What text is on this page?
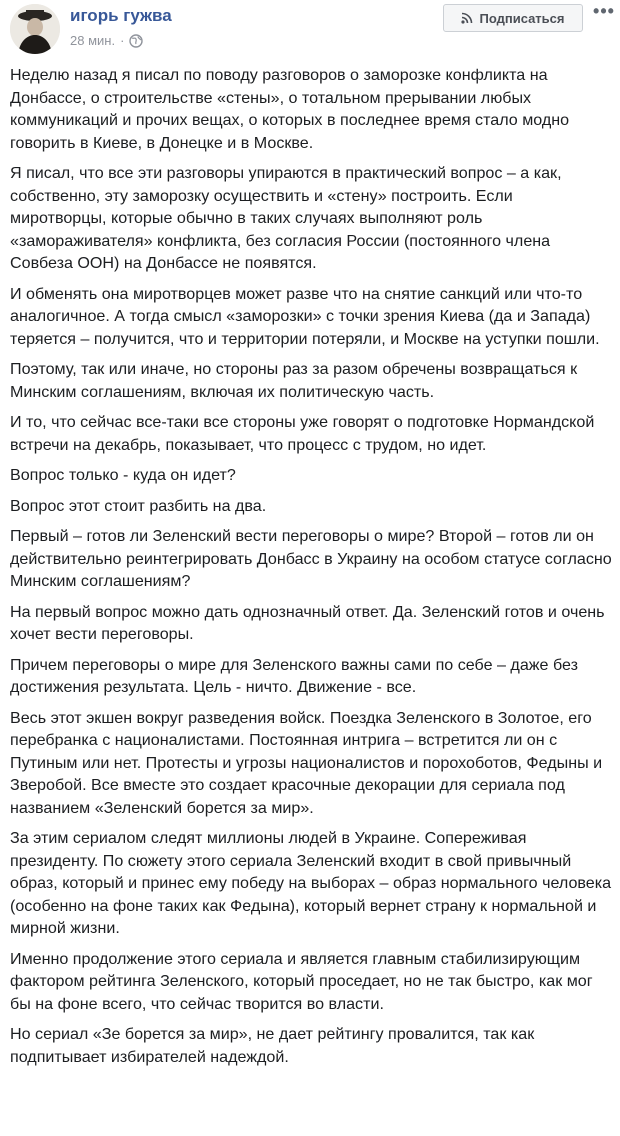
игорь гужва
28 мин. ·
Подписаться •••

Неделю назад я писал по поводу разговоров о заморозке конфликта на Донбассе, о строительстве «стены», о тотальном прерывании любых коммуникаций и прочих вещах, о которых в последнее время стало модно говорить в Киеве, в Донецке и в Москве.

Я писал, что все эти разговоры упираются в практический вопрос – а как, собственно, эту заморозку осуществить и «стену» построить. Если миротворцы, которые обычно в таких случаях выполняют роль «замораживателя» конфликта, без согласия России (постоянного члена Совбеза ООН) на Донбассе не появятся.

И обменять она миротворцев может разве что на снятие санкций или что-то аналогичное. А тогда смысл «заморозки» с точки зрения Киева (да и Запада) теряется – получится, что и территории потеряли, и Москве на уступки пошли.

Поэтому, так или иначе, но стороны раз за разом обречены возвращаться к Минским соглашениям, включая их политическую часть.

И то, что сейчас все-таки все стороны уже говорят о подготовке Нормандской встречи на декабрь, показывает, что процесс с трудом, но идет.

Вопрос только - куда он идет?

Вопрос этот стоит разбить на два.

Первый – готов ли Зеленский вести переговоры о мире? Второй – готов ли он действительно реинтегрировать Донбасс в Украину на особом статусе согласно Минским соглашениям?

На первый вопрос можно дать однозначный ответ. Да. Зеленский готов и очень хочет вести переговоры.

Причем переговоры о мире для Зеленского важны сами по себе – даже без достижения результата. Цель - ничто. Движение - все.

Весь этот экшен вокруг разведения войск. Поездка Зеленского в Золотое, его перебранка с националистами. Постоянная интрига – встретится ли он с Путиным или нет. Протесты и угрозы националистов и порохоботов, Федыны и Зверобой. Все вместе это создает красочные декорации для сериала под названием «Зеленский борется за мир».

За этим сериалом следят миллионы людей в Украине. Сопереживая президенту. По сюжету этого сериала Зеленский входит в свой привычный образ, который и принес ему победу на выборах – образ нормального человека (особенно на фоне таких как Федына), который вернет страну к нормальной и мирной жизни.

Именно продолжение этого сериала и является главным стабилизирующим фактором рейтинга Зеленского, который проседает, но не так быстро, как мог бы на фоне всего, что сейчас творится во власти.

Но сериал «Зе борется за мир», не дает рейтингу провалится, так как подпитывает избирателей надеждой.
